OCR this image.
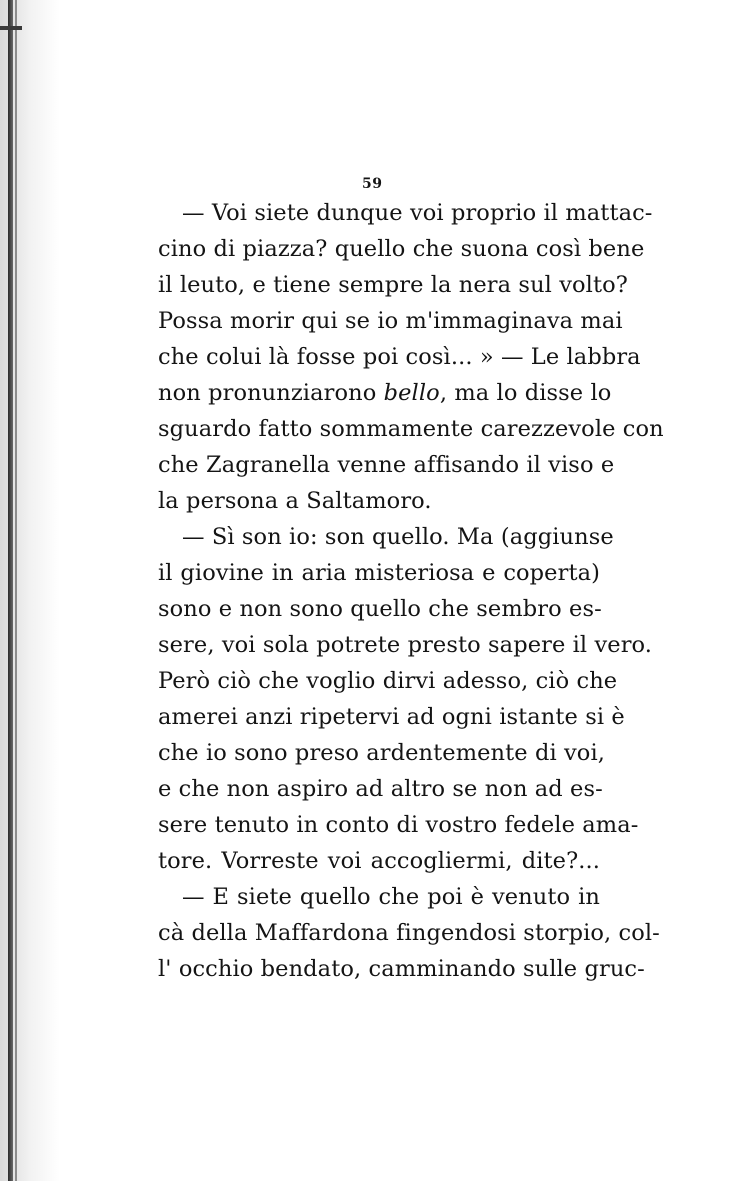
59
— Voi siete dunque voi proprio il mattac-
cino di piazza? quello che suona così bene
il leuto, e tiene sempre la nera sul volto?
Possa morir qui se io m'immaginava mai
che colui là fosse poi così... » — Le labbra
non pronunziarono bello, ma lo disse lo
sguardo fatto sommamente carezzevole con
che Zagranella venne affisando il viso e
la persona a Saltamoro.
— Sì son io: son quello. Ma (aggiunse
il giovine in aria misteriosa e coperta)
sono e non sono quello che sembro es-
sere, voi sola potrete presto sapere il vero.
Però ciò che voglio dirvi adesso, ciò che
amerei anzi ripetervi ad ogni istante si è
che io sono preso ardentemente di voi,
e che non aspiro ad altro se non ad es-
sere tenuto in conto di vostro fedele ama-
tore. Vorreste voi accogliermi, dite?...
— E siete quello che poi è venuto in
cà della Maffardona fingendosi storpio, col-
l' occhio bendato, camminando sulle gruc-
